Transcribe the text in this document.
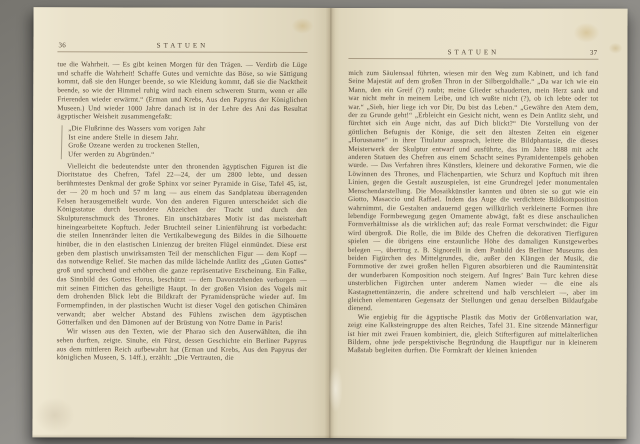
36	STATUEN

tue die Wahrheit. — Es gibt keinen Morgen für den Trägen. — Verdirb die Lüge und schaffe die Wahrheit! Schaffe Gutes und vernichte das Böse, so wie Sättigung kommt, daß sie den Hunger beende, so wie Kleidung kommt, daß sie die Nacktheit beende, so wie der Himmel ruhig wird nach einem schwerem Sturm, wenn er alle Frierenden wieder erwärmt.“ (Erman und Krebs, Aus den Papyrus der Königlichen Museen.) Und wieder 1000 Jahre danach ist in der Lehre des Ani das Resultat ägyptischer Weisheit zusammengefaßt:

„Die Flußrinne des Wassers vom vorigen Jahr
Ist eine andere Stelle in diesem Jahr.
Große Ozeane werden zu trockenen Stellen,
Ufer werden zu Abgründen.“

Vielleicht die bedeutendste unter den thronenden ägyptischen Figuren ist die Dioritstatue des Chefren, Tafel 22—24, der um 2800 lebte, und dessen berühmtestes Denkmal der große Sphinx vor seiner Pyramide in Gise, Tafel 45, ist, der — 20 m hoch und 57 m lang — aus einem das Sandplateau überragenden Felsen herausgemeißelt wurde. Von den anderen Figuren unterscheidet sich die Königsstatue durch besondere Abzeichen der Tracht und durch den Skulpturenschmuck des Thrones. Ein unschätzbares Motiv ist das meisterhaft hineingearbeitete Kopftuch. Jeder Bruchteil seiner Linienführung ist vorbedacht: die steilen Innenränder leiten die Vertikalbewegung des Bildes in die Silhouette hinüber, die in den elastischen Linienzug der breiten Flügel einmündet. Diese erst geben dem plastisch unwirksamsten Teil der menschlichen Figur — dem Kopf — das notwendige Relief. Sie machen das milde lächelnde Antlitz des „Guten Gottes“ groß und sprechend und erhöhen die ganze repräsentative Erscheinung. Ein Falke, das Sinnbild des Gottes Horus, beschützt — dem Davorstehenden verborgen — mit seinen Fittichen das geheiligte Haupt. In der großen Vision des Vogels mit dem drohenden Blick lebt die Bildkraft der Pyramidensprüche wieder auf. Im Formempfinden, in der plastischen Wucht ist dieser Vogel den gotischen Chimären verwandt; aber welcher Abstand des Fühlens zwischen dem ägyptischen Götterfalken und den Dämonen auf der Brüstung von Notre Dame in Paris!

Wir wissen aus den Texten, wie der Pharao sich den Auserwählten, die ihn sehen durften, zeigte. Sinuhe, ein Fürst, dessen Geschichte ein Berliner Papyrus aus dem mittleren Reich aufbewahrt hat (Erman und Krebs, Aus den Papyrus der königlichen Museen, S. 14ff.), erzählt: „Die Vertrauten, die

STATUEN	37

mich zum Säulensaal führten, wiesen mir den Weg zum Kabinett, und ich fand Seine Majestät auf dem großen Thron in der Silbergoldhalle.“ „Da war ich wie ein Mann, den ein Greif (?) raubt; meine Glieder schauderten, mein Herz sank und war nicht mehr in meinem Leibe, und ich wußte nicht (?), ob ich lebte oder tot war.“ „Sieh, hier liege ich vor Dir, Du bist das Leben.“ „Gewähre den Atem dem, der zu Grunde geht!“ „Erbleicht ein Gesicht nicht, wenn es Dein Antlitz sieht, und fürchtet sich ein Auge nicht, das auf Dich blickt?“ Die Vorstellung von der göttlichen Befugnis der Könige, die seit den ältesten Zeiten ein eigener „Horusname“ in ihrer Titulatur aussprach, leitete die Bildphantasie, die dieses Meisterwerk der Skulptur entwarf und ausführte, das im Jahre 1888 mit acht anderen Statuen des Chefren aus einem Schacht seines Pyramidentempels gehoben wurde. — Das Verfahren ihres Künstlers, kleinere und dekorative Formen, wie die Löwinnen des Thrones, und Flächenpartien, wie Schurz und Kopftuch mit ihren Linien, gegen die Gestalt auszuspielen, ist eine Grundregel jeder monumentalen Menschendarstellung. Die Mosaikkünstler kannten und übten sie so gut wie ein Giotto, Masaccio und Raffael. Indem das Auge die verdichtete Bildkomposition wahrnimmt, die Gestalten andauernd gegen willkürlich verkleinerte Formen ihre lebendige Formbewegung gegen Ornamente abwägt, faßt es diese anschaulichen Formverhältnisse als die wirklichen auf; das reale Format verschwindet: die Figur wird übergroß. Die Rolle, die im Bilde des Chefren die dekorativen Tierfiguren spielen — die übrigens eine erstaunliche Höhe des damaligen Kunstgewerbes belegen —, übertrug z. B. Signorelli in dem Panbild des Berliner Museums den beiden Figürchen des Mittelgrundes, die, außer den Klängen der Musik, die Formmotive der zwei großen hellen Figuren absorbieren und die Raumintensität der wunderbaren Komposition noch steigern. Auf Ingres’ Bain Turc kehren diese unsterblichen Figürchen unter anderem Namen wieder — die eine als Kastagnettentänzerin, die andere schreitend und halb verschleiert —, aber im gleichen elementaren Gegensatz der Stellungen und genau derselben Bildaufgabe dienend.

Wie ergiebig für die ägyptische Plastik das Motiv der Größenvariation war, zeigt eine Kalksteingruppe des alten Reiches, Tafel 31. Eine sitzende Männerfigur ist hier mit zwei Frauen kombiniert, die, gleich Stifterfiguren auf mittelalterlichen Bildern, ohne jede perspektivische Begründung die Hauptfigur nur in kleinerem Maßstab begleiten durften. Die Formkraft der kleinen knienden
